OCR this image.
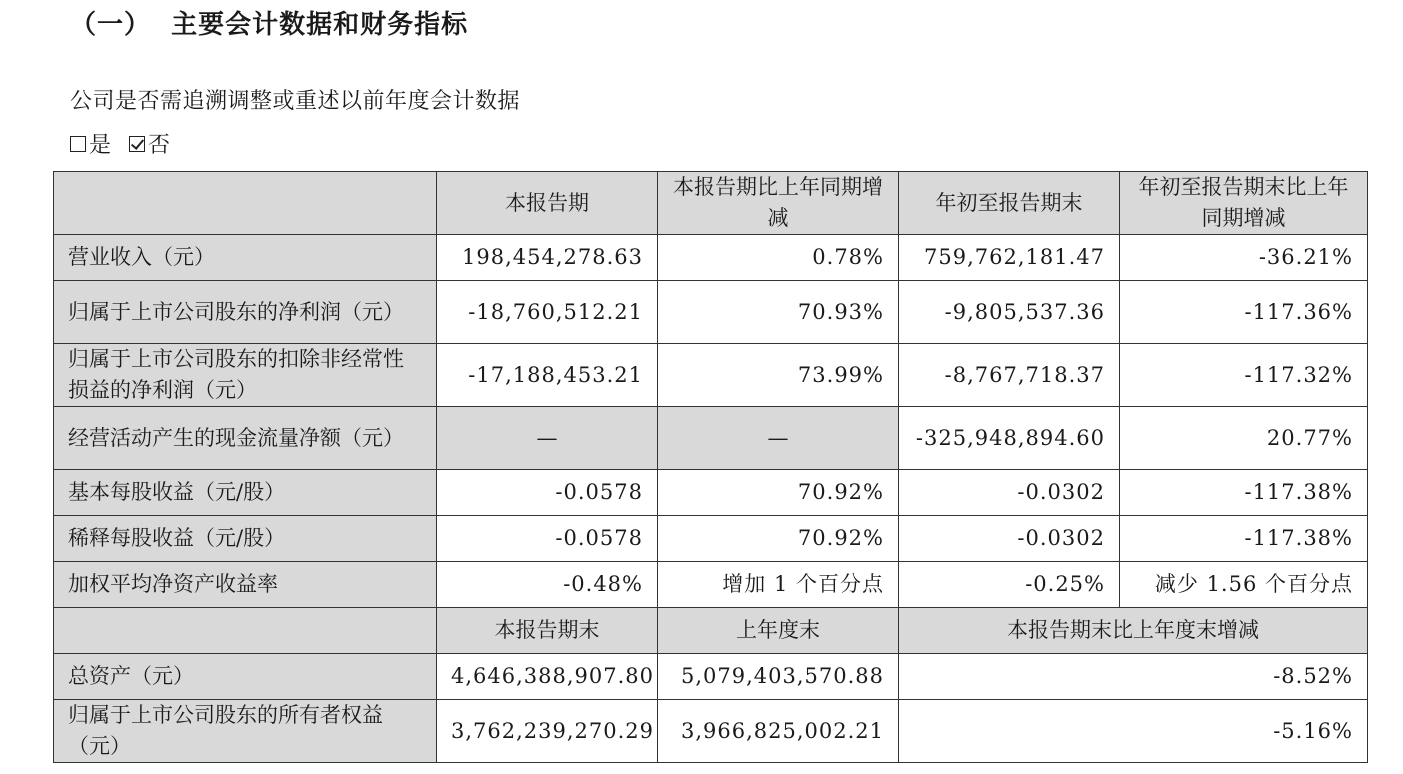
（一）  主要会计数据和财务指标
公司是否需追溯调整或重述以前年度会计数据
是 否
	本报告期	本报告期比上年同期增减	年初至报告期末	年初至报告期末比上年同期增减
营业收入（元）	198,454,278.63	0.78%	759,762,181.47	-36.21%
归属于上市公司股东的净利润（元）	-18,760,512.21	70.93%	-9,805,537.36	-117.36%
归属于上市公司股东的扣除非经常性损益的净利润（元）	-17,188,453.21	73.99%	-8,767,718.37	-117.32%
经营活动产生的现金流量净额（元）	—	—	-325,948,894.60	20.77%
基本每股收益（元/股）	-0.0578	70.92%	-0.0302	-117.38%
稀释每股收益（元/股）	-0.0578	70.92%	-0.0302	-117.38%
加权平均净资产收益率	-0.48%	增加 1 个百分点	-0.25%	减少 1.56 个百分点
	本报告期末	上年度末	本报告期末比上年度末增减	
总资产（元）	4,646,388,907.80	5,079,403,570.88	-8.52%	
归属于上市公司股东的所有者权益（元）	3,762,239,270.29	3,966,825,002.21	-5.16%	
